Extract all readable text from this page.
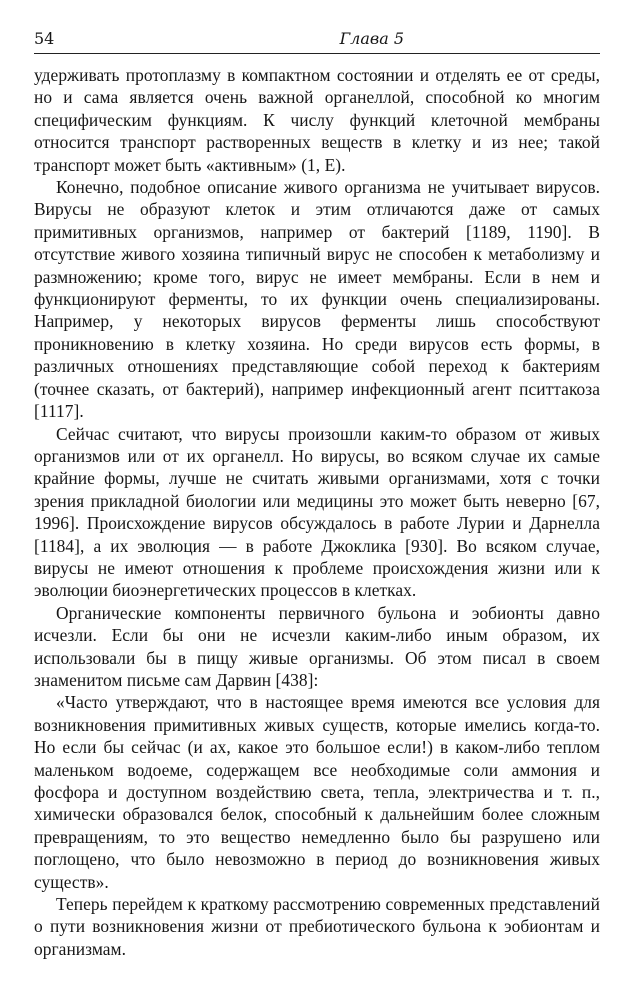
54	Глава 5

удерживать протоплазму в компактном состоянии и отделять ее от среды, но и сама является очень важной органеллой, способной ко многим специфическим функциям. К числу функций клеточной мембраны относится транспорт растворенных веществ в клетку и из нее; такой транспорт может быть «активным» (1, Е).

Конечно, подобное описание живого организма не учитывает вирусов. Вирусы не образуют клеток и этим отличаются даже от самых примитивных организмов, например от бактерий [1189, 1190]. В отсутствие живого хозяина типичный вирус не способен к метаболизму и размножению; кроме того, вирус не имеет мембраны. Если в нем и функционируют ферменты, то их функции очень специализированы. Например, у некоторых вирусов ферменты лишь способствуют проникновению в клетку хозяина. Но среди вирусов есть формы, в различных отношениях представляющие собой переход к бактериям (точнее сказать, от бактерий), например инфекционный агент пситтакоза [1117].

Сейчас считают, что вирусы произошли каким-то образом от живых организмов или от их органелл. Но вирусы, во всяком случае их самые крайние формы, лучше не считать живыми организмами, хотя с точки зрения прикладной биологии или медицины это может быть неверно [67, 1996]. Происхождение вирусов обсуждалось в работе Лурии и Дарнелла [1184], а их эволюция — в работе Джоклика [930]. Во всяком случае, вирусы не имеют отношения к проблеме происхождения жизни или к эволюции биоэнергетических процессов в клетках.

Органические компоненты первичного бульона и эобионты давно исчезли. Если бы они не исчезли каким-либо иным образом, их использовали бы в пищу живые организмы. Об этом писал в своем знаменитом письме сам Дарвин [438]:

«Часто утверждают, что в настоящее время имеются все условия для возникновения примитивных живых существ, которые имелись когда-то. Но если бы сейчас (и ах, какое это большое если!) в каком-либо теплом маленьком водоеме, содержащем все необходимые соли аммония и фосфора и доступном воздействию света, тепла, электричества и т. п., химически образовался белок, способный к дальнейшим более сложным превращениям, то это вещество немедленно было бы разрушено или поглощено, что было невозможно в период до возникновения живых существ».

Теперь перейдем к краткому рассмотрению современных представлений о пути возникновения жизни от пребиотического бульона к эобионтам и организмам.
